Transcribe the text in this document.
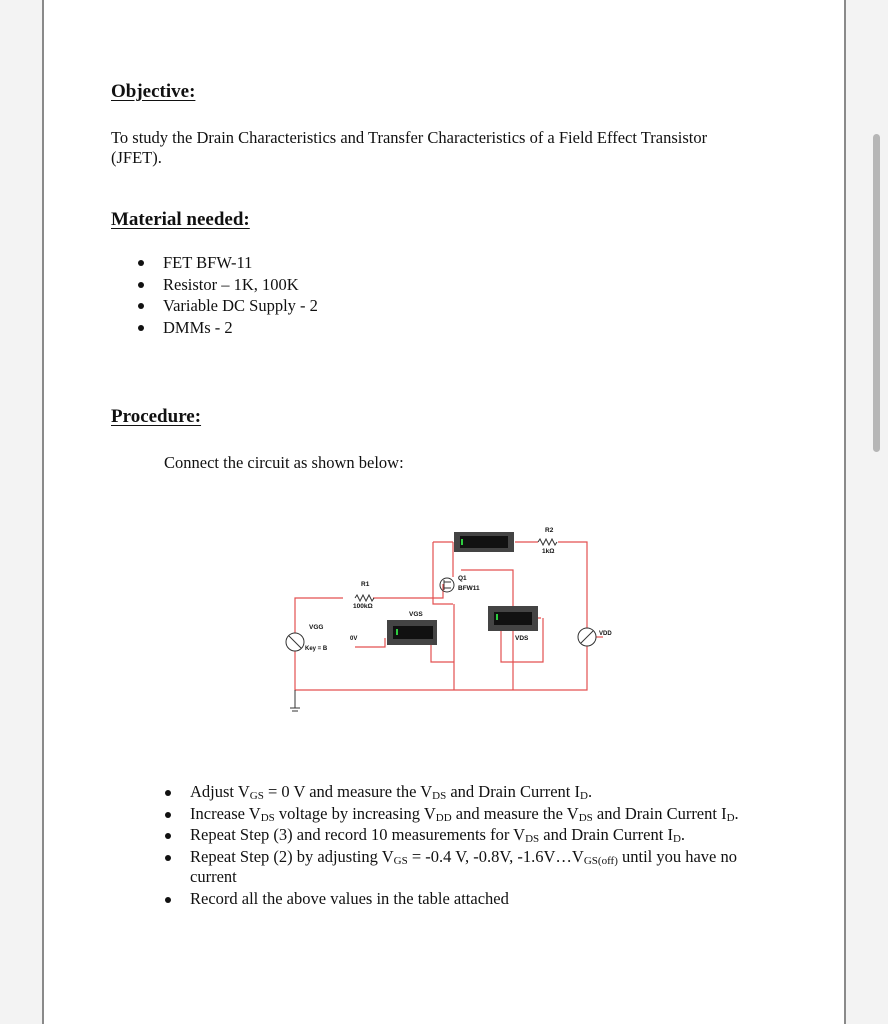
Objective:
To study the Drain Characteristics and Transfer Characteristics of a Field Effect Transistor (JFET).
Material needed:
FET BFW-11
Resistor – 1K, 100K
Variable DC Supply - 2
DMMs - 2
Procedure:
Connect the circuit as shown below:
R2
1kΩ
R1
100kΩ
Q1
BFW11
VGS
VDS
VGG
0V
Key = B
VDD
Adjust $V_{GS} = 0$ V and measure the $V_{DS}$ and Drain Current $I_D$.
Increase $V_{DS}$ voltage by increasing $V_{DD}$ and measure the $V_{DS}$ and Drain Current $I_D$.
Repeat Step (3) and record 10 measurements for $V_{DS}$ and Drain Current $I_D$.
Repeat Step (2) by adjusting $V_{GS} = -0.4$ V, -0.8V, $-1.6V\dots V_{GS(off)}$ until you have no current
Record all the above values in the table attached
